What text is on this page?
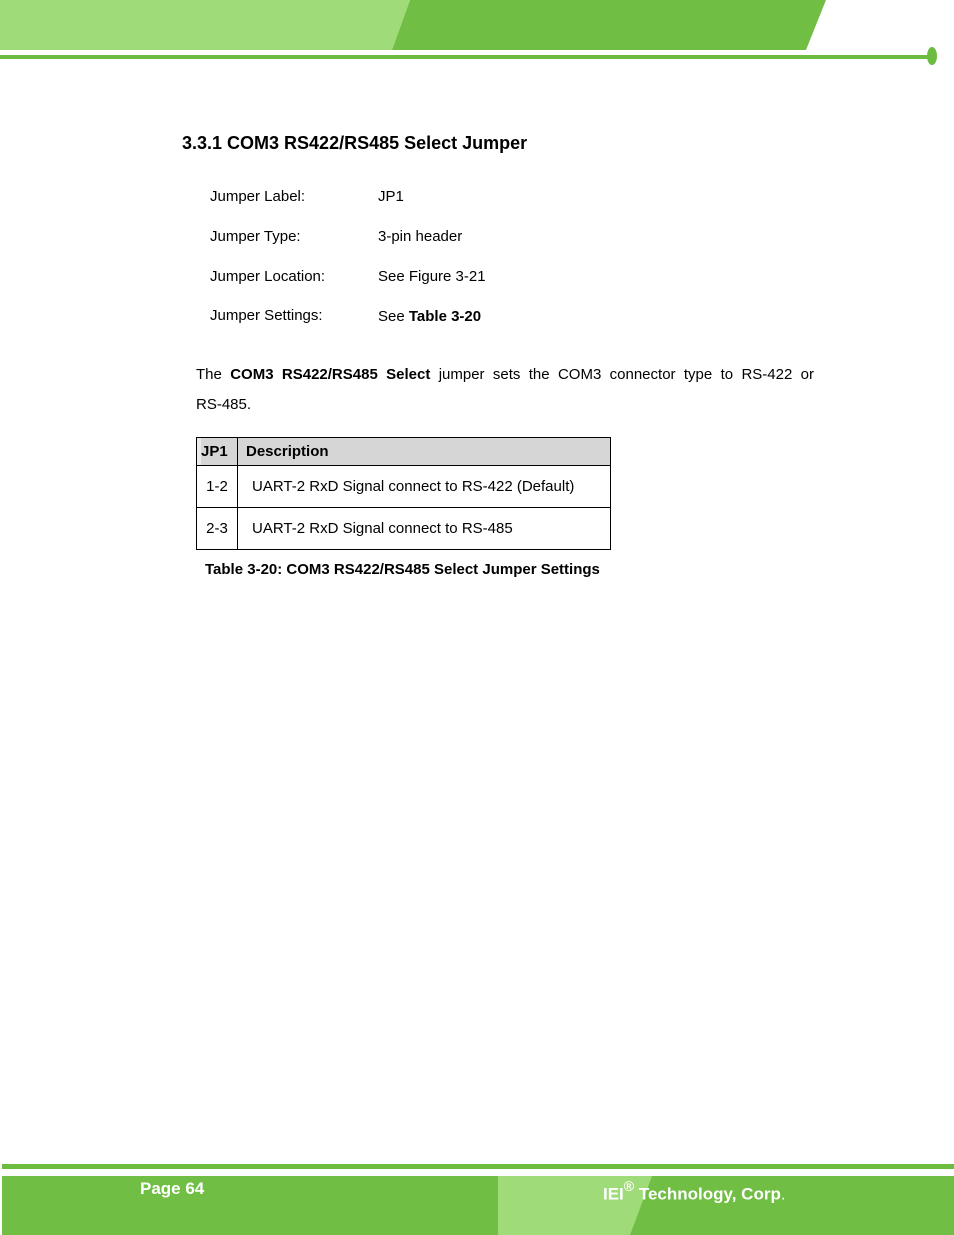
3.3.1 COM3 RS422/RS485 Select Jumper
Jumper Label:	JP1
Jumper Type:	3-pin header
Jumper Location:	See Figure 3-21
Jumper Settings:	See Table 3-20
The COM3 RS422/RS485 Select jumper sets the COM3 connector type to RS-422 or
RS-485.
JP1	Description
1-2	UART-2 RxD Signal connect to RS-422 (Default)
2-3	UART-2 RxD Signal connect to RS-485
Table 3-20: COM3 RS422/RS485 Select Jumper Settings
Page 64	IEI® Technology, Corp.
